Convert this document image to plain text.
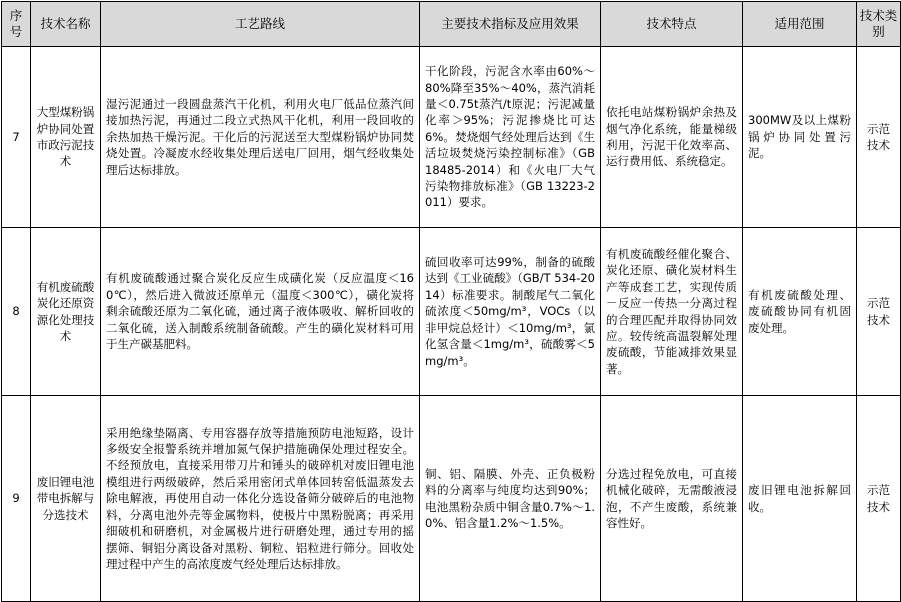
序号	技术名称	工艺路线	主要技术指标及应用效果	技术特点	适用范围	技术类别
7	大型煤粉锅炉协同处置市政污泥技术	湿污泥通过一段圆盘蒸汽干化机，利用火电厂低品位蒸汽间接加热污泥，再通过二段立式热风干化机，利用一段回收的余热加热干燥污泥。干化后的污泥送至大型煤粉锅炉协同焚烧处置。冷凝废水经收集处理后送电厂回用，烟气经收集处理后达标排放。	干化阶段，污泥含水率由60%～80%降至35%～40%，蒸汽消耗量＜0.75t蒸汽/t原泥；污泥减量化率＞95%；污泥掺烧比可达6%。焚烧烟气经处理后达到《生活垃圾焚烧污染控制标准》（GB 18485-2014）和《火电厂大气污染物排放标准》（GB 13223-2011）要求。	依托电站煤粉锅炉余热及烟气净化系统，能量梯级利用，污泥干化效率高、运行费用低、系统稳定。	300MW及以上煤粉锅炉协同处置污泥。	示范技术
8	有机废硫酸炭化还原资源化处理技术	有机废硫酸通过聚合炭化反应生成磺化炭（反应温度＜160℃），然后进入微波还原单元（温度＜300℃），磺化炭将剩余硫酸还原为二氧化硫，通过离子液体吸收、解析回收的二氧化硫，送入制酸系统制备硫酸。产生的磺化炭材料可用于生产碳基肥料。	硫回收率可达99%，制备的硫酸达到《工业硫酸》（GB/T 534-2014）标准要求。制酸尾气二氧化硫浓度＜50mg/m³，VOCs（以非甲烷总烃计）＜10mg/m³，氯化氢含量＜1mg/m³，硫酸雾＜5mg/m³。	有机废硫酸经催化聚合、炭化还原、磺化炭材料生产等成套工艺，实现传质－反应一传热一分离过程的合理匹配并取得协同效应。较传统高温裂解处理废硫酸，节能减排效果显著。	有机废硫酸处理、废硫酸协同有机固废处理。	示范技术
9	废旧锂电池带电拆解与分选技术	采用绝缘垫隔离、专用容器存放等措施预防电池短路，设计多级安全报警系统并增加氮气保护措施确保处理过程安全。不经预放电，直接采用带刀片和锤头的破碎机对废旧锂电池模组进行两级破碎，然后采用密闭式单体回转窑低温蒸发去除电解液，再使用自动一体化分选设备筛分破碎后的电池物料，分离电池外壳等金属物料，使极片中黑粉脱离；再采用细破机和研磨机，对金属极片进行研磨处理，通过专用的摇摆筛、铜铝分离设备对黑粉、铜粒、铝粒进行筛分。回收处理过程中产生的高浓度废气经处理后达标排放。	铜、铝、隔膜、外壳、正负极粉料的分离率与纯度均达到90%；电池黑粉杂质中铜含量0.7%～1.0%、铝含量1.2%～1.5%。	分选过程免放电，可直接机械化破碎，无需酸液浸泡，不产生废酸，系统兼容性好。	废旧锂电池拆解回收。	示范技术
